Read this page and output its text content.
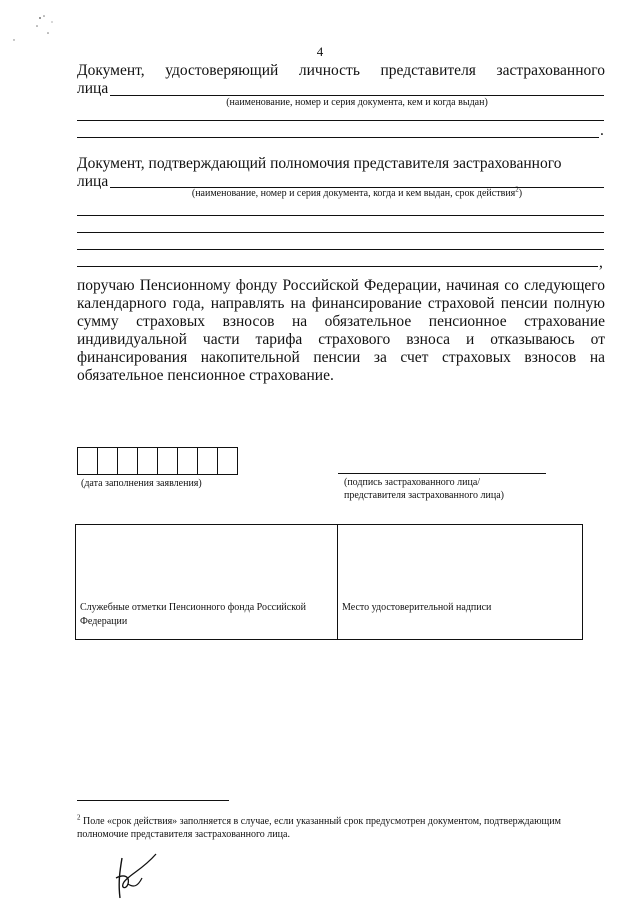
4
Документ, удостоверяющий личность представителя застрахованного
лица
(наименование, номер и серия документа, кем и когда выдан)
.
Документ, подтверждающий полномочия представителя застрахованного
лица
(наименование, номер и серия документа, когда и кем выдан, срок действия$^2$)
,
поручаю Пенсионному фонду Российской Федерации, начиная со следующего
календарного года, направлять на финансирование страховой пенсии полную
сумму страховых взносов на обязательное пенсионное страхование
индивидуальной части тарифа страхового взноса и отказываюсь от
финансирования накопительной пенсии за счет страховых взносов на
обязательное пенсионное страхование.
(дата заполнения заявления)	(подпись застрахованного лица/
представителя застрахованного лица)
Служебные отметки Пенсионного фонда Российской Федерации
Место удостоверительной надписи
$^2$ Поле «срок действия» заполняется в случае, если указанный срок предусмотрен документом, подтверждающим полномочие представителя застрахованного лица.
